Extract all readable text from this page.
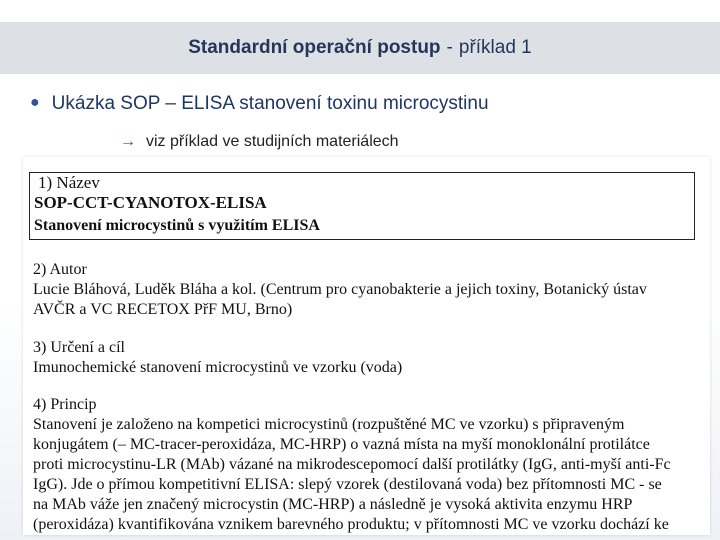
Standardní operační postup - příklad 1
● Ukázka SOP – ELISA stanovení toxinu microcystinu
→ viz příklad ve studijních materiálech
1) Název
SOP-CCT-CYANOTOX-ELISA
Stanovení microcystinů s využitím ELISA
2) Autor
Lucie Bláhová, Luděk Bláha a kol. (Centrum pro cyanobakterie a jejich toxiny, Botanický ústav
AVČR a VC RECETOX PřF MU, Brno)
3) Určení a cíl
Imunochemické stanovení microcystinů ve vzorku (voda)
4) Princip
Stanovení je založeno na kompetici microcystinů (rozpuštěné MC ve vzorku) s připraveným
konjugátem (– MC-tracer-peroxidáza, MC-HRP) o vazná místa na myší monoklonální protilátce
proti microcystinu-LR (MAb) vázané na mikrodescepomocí další protilátky (IgG, anti-myší anti-Fc
IgG). Jde o přímou kompetitivní ELISA: slepý vzorek (destilovaná voda) bez přítomnosti MC - se
na MAb váže jen značený microcystin (MC-HRP) a následně je vysoká aktivita enzymu HRP
(peroxidáza) kvantifikována vznikem barevného produktu; v přítomnosti MC ve vzorku dochází ke
